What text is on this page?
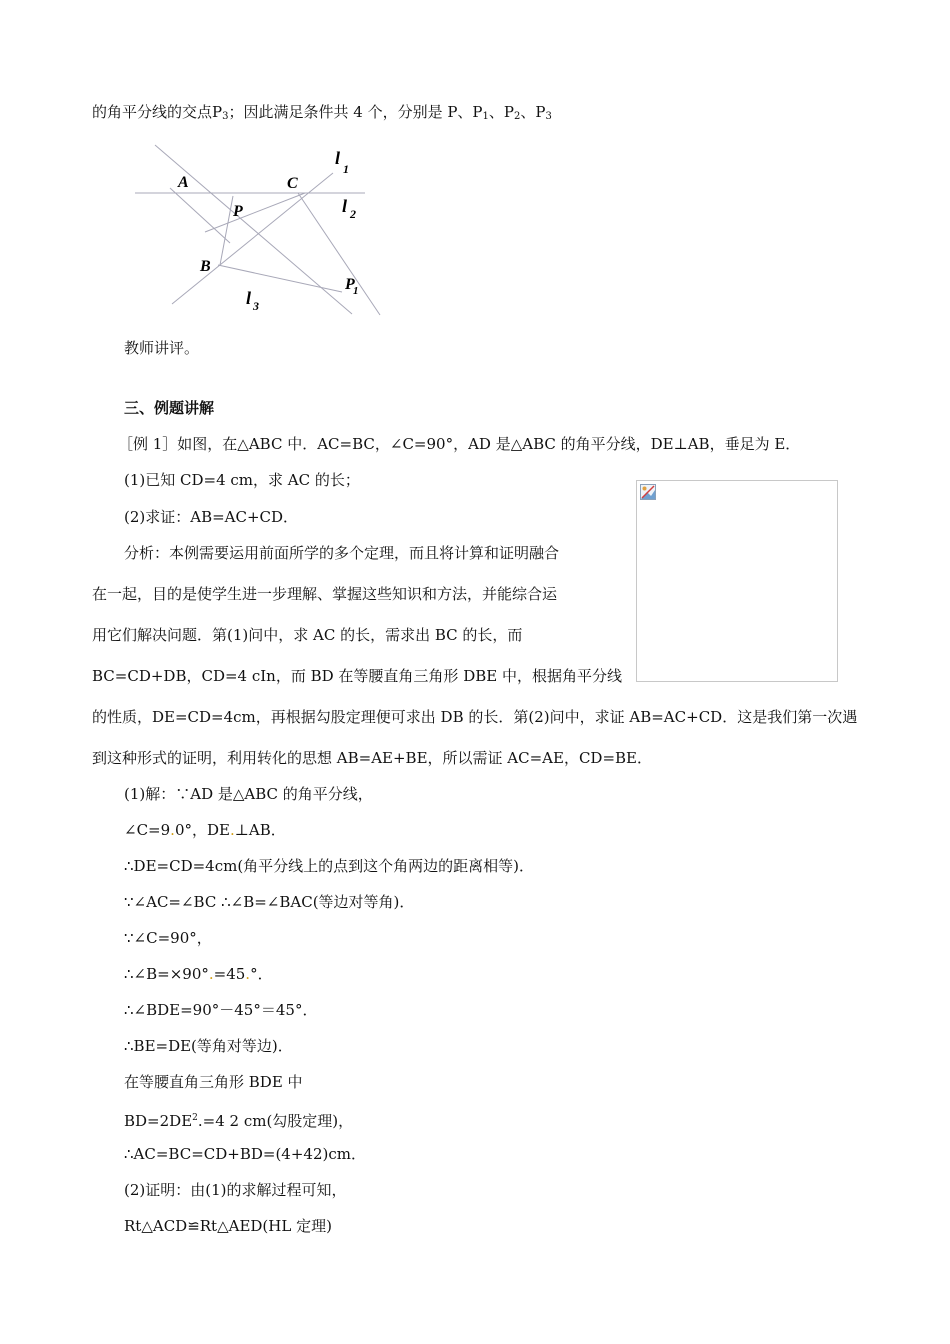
的角平分线的交点$P_3$；因此满足条件共 4 个，分别是 P、$P_1$、$P_2$、$P_3$
A	C
P
B
P
1
l
1
l 2
l 3
教师讲评。
三、例题讲解
［例 1］如图，在△ABC 中．AC=BC，∠C=90°，AD 是△ABC 的角平分线，DE⊥AB，垂足为 E．
(1)已知 CD=4 cm，求 AC 的长；
(2)求证：AB=AC+CD．
分析：本例需要运用前面所学的多个定理，而且将计算和证明融合
在一起，目的是使学生进一步理解、掌握这些知识和方法，并能综合运
用它们解决问题．第(1)问中，求 AC 的长，需求出 BC 的长，而
BC=CD+DB，CD=4 cIn，而 BD 在等腰直角三角形 DBE 中，根据角平分线
的性质，DE=CD=4cm，再根据勾股定理便可求出 DB 的长．第(2)问中，求证 AB=AC+CD．这是我们第一次遇
到这种形式的证明，利用转化的思想 AB=AE+BE，所以需证 AC=AE，CD=BE．
(1)解：∵AD 是△ABC 的角平分线，
∠C=9.0°，DE.⊥AB．
∴DE=CD=4cm(角平分线上的点到这个角两边的距离相等)．
∵∠AC=∠BC ∴∠B=∠BAC(等边对等角)．
∵∠C=90°，
∴∠B=×90°.=45.°．
∴∠BDE=90°－45°＝45°．
∴BE=DE(等角对等边)．
在等腰直角三角形 BDE 中
$BD=2DE^2.=4$ 2 cm(勾股定理)，
∴AC=BC=CD+BD=(4+42)cm．
(2)证明：由(1)的求解过程可知，
Rt△ACD≌Rt△AED(HL 定理)
